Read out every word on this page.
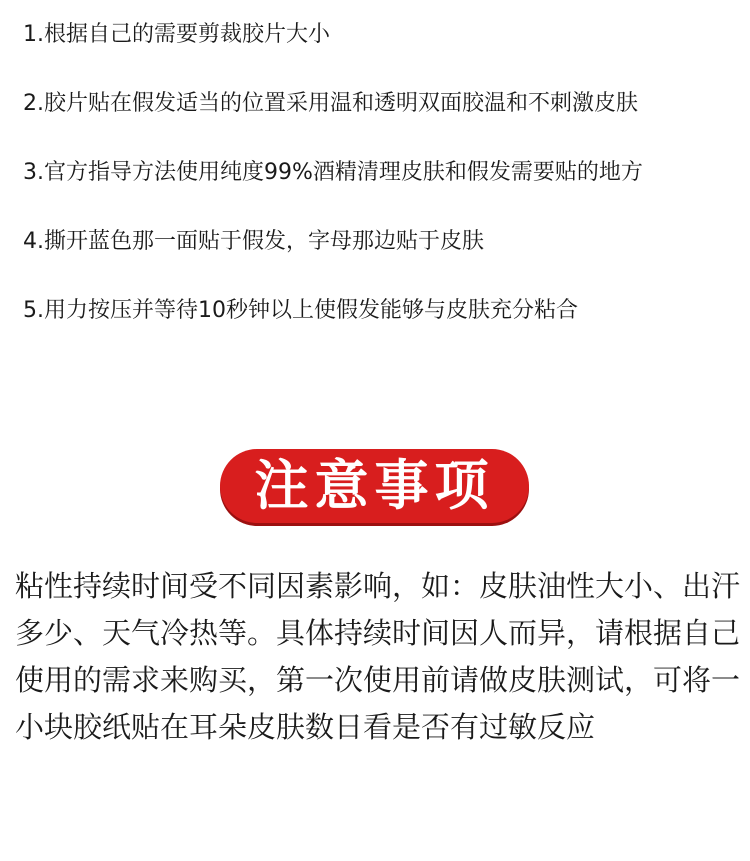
1.根据自己的需要剪裁胶片大小
2.胶片贴在假发适当的位置采用温和透明双面胶温和不刺激皮肤
3.官方指导方法使用纯度99%酒精清理皮肤和假发需要贴的地方
4.撕开蓝色那一面贴于假发，字母那边贴于皮肤
5.用力按压并等待10秒钟以上使假发能够与皮肤充分粘合
注意事项
粘性持续时间受不同因素影响，如：皮肤油性大小、出汗多少、天气冷热等。具体持续时间因人而异，请根据自己使用的需求来购买，第一次使用前请做皮肤测试，可将一小块胶纸贴在耳朵皮肤数日看是否有过敏反应
